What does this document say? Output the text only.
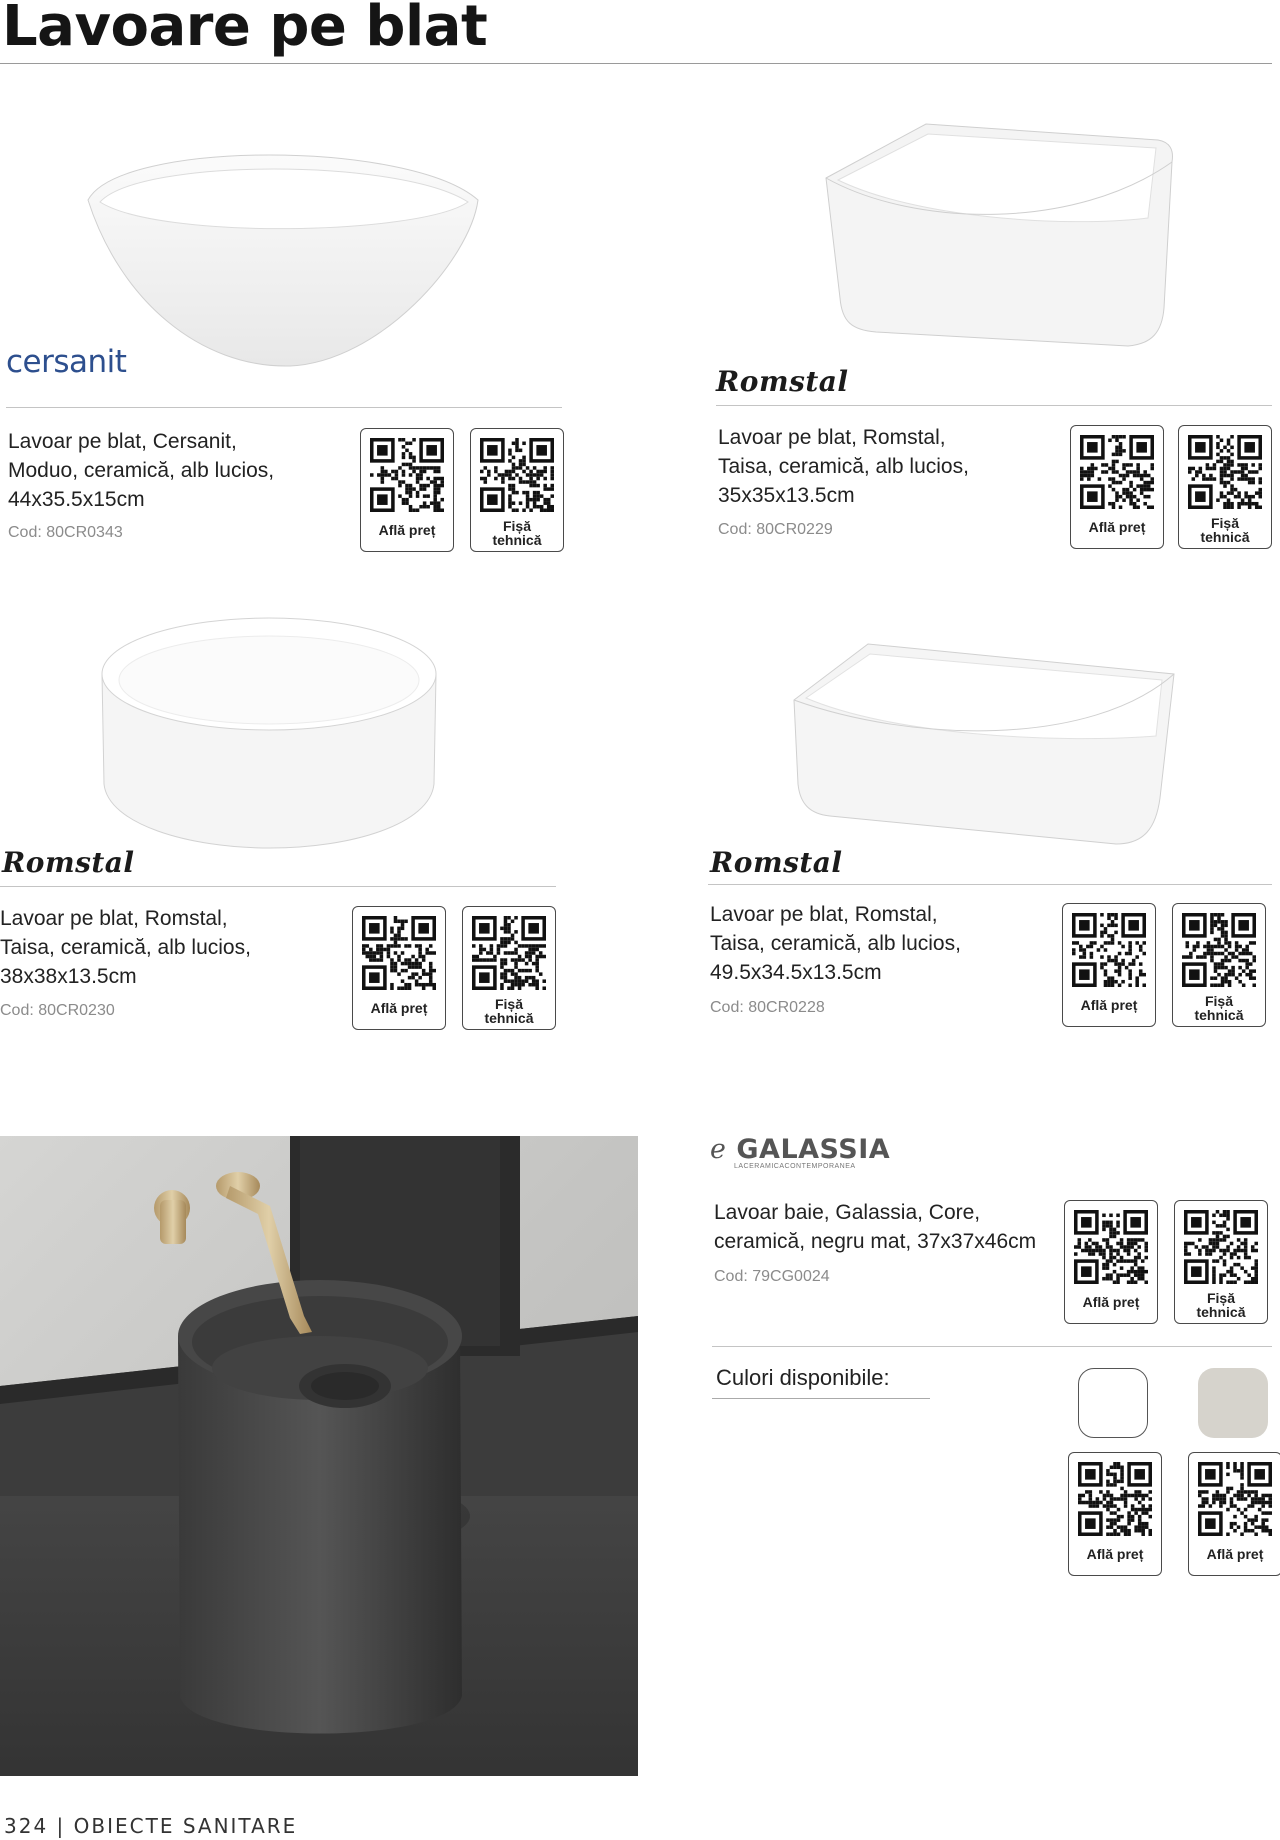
Lavoare pe blat
cersanit
Lavoar pe blat, Cersanit,
Moduo, ceramică, alb lucios,
44x35.5x15cm
Cod: 80CR0343	Află preț	Fișă
tehnică
Romstal
Lavoar pe blat, Romstal,
Taisa, ceramică, alb lucios,
35x35x13.5cm
Cod: 80CR0229	Află preț	Fișă
tehnică
Romstal
Lavoar pe blat, Romstal,
Taisa, ceramică, alb lucios,
38x38x13.5cm
Cod: 80CR0230	Află preț	Fișă
tehnică
Romstal
Lavoar pe blat, Romstal,
Taisa, ceramică, alb lucios,
49.5x34.5x13.5cm
Cod: 80CR0228	Află preț	Fișă
tehnică
ℯ GALASSIA
LACERAMICACONTEMPORANEA
Lavoar baie, Galassia, Core,
ceramică, negru mat, 37x37x46cm
Cod: 79CG0024
Află preț	Fișă
tehnică
Culori disponibile:
Află preț	Află preț
324 | OBIECTE SANITARE
